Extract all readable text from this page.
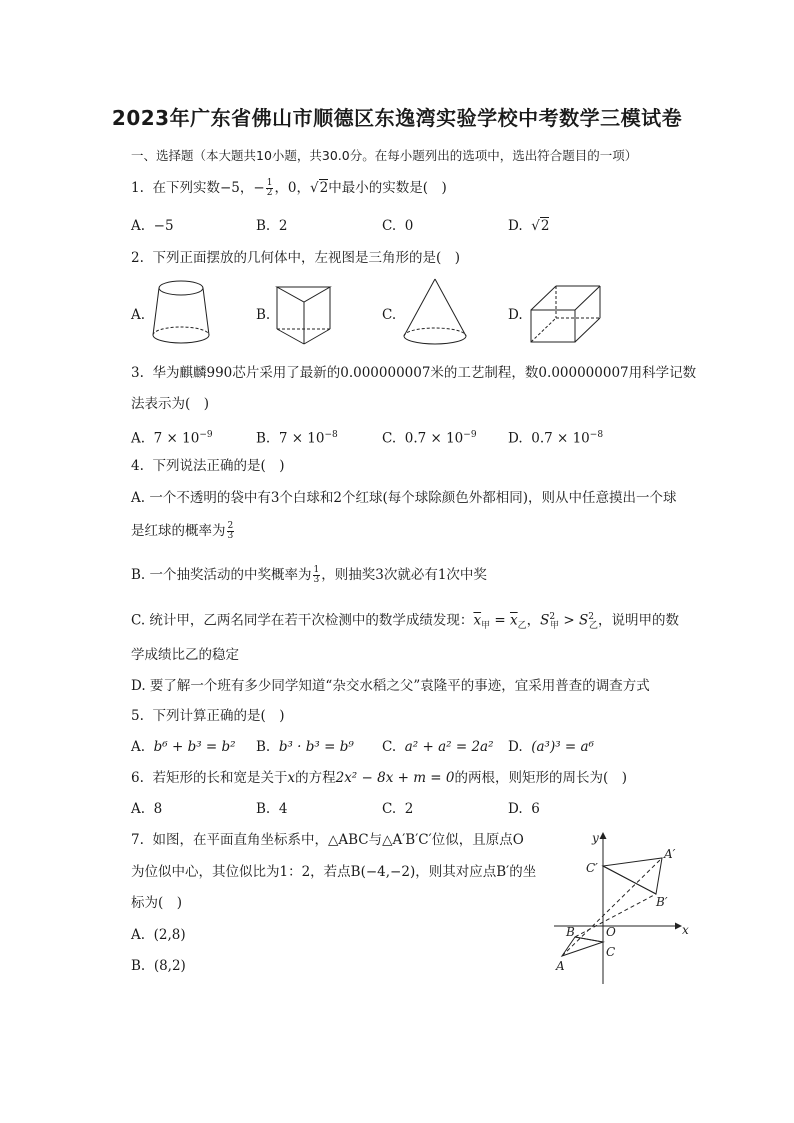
2023年广东省佛山市顺德区东逸湾实验学校中考数学三模试卷
一、选择题（本大题共10小题，共30.0分。在每小题列出的选项中，选出符合题目的一项）
1. 在下列实数−5，− $\frac{1}{2}$ ，0，√2中最小的实数是(　)
A. −5	B. 2	C. 0	D. √2
2. 下列正面摆放的几何体中，左视图是三角形的是(　)
A.	B.	C.	D.
3. 华为麒麟990芯片采用了最新的0.000000007米的工艺制程，数0.000000007用科学记数
法表示为(　)
A. $7 \times 10^{-9}$	B. $7 \times 10^{-8}$	C. $0.7 \times 10^{-9}$ D. $0.7 \times 10^{-8}$
4. 下列说法正确的是(　)
A. 一个不透明的袋中有3个白球和2个红球(每个球除颜色外都相同)，则从中任意摸出一个球
是红球的概率为 $\frac{2}{3}$
B. 一个抽奖活动的中奖概率为 $\frac{1}{3}$ ，则抽奖3次就必有1次中奖
C. 统计甲，乙两名同学在若干次检测中的数学成绩发现：$\overline{x}_甲 = \overline{x}_乙$，$S^2_甲 > S^2_乙$，说明甲的数
学成绩比乙的稳定
D. 要了解一个班有多少同学知道“杂交水稻之父”袁隆平的事迹，宜采用普查的调查方式
5. 下列计算正确的是(　)
A. b⁶ + b³ = b² B. b³ · b³ = b⁹ C. a² + a² = 2a² D. (a³)³ = a⁶
6. 若矩形的长和宽是关于x的方程2x² − 8x + m = 0的两根，则矩形的周长为(　)
A. 8	B. 4	C. 2	D. 6
7. 如图，在平面直角坐标系中，△ABC与△A′B′C′位似，且原点O
为位似中心，其位似比为1：2，若点B(−4,−2)，则其对应点B′的坐
标为(　)
A. (2,8)
B. (8,2)
y
x
O
A′
B′
C′
A
B
C
